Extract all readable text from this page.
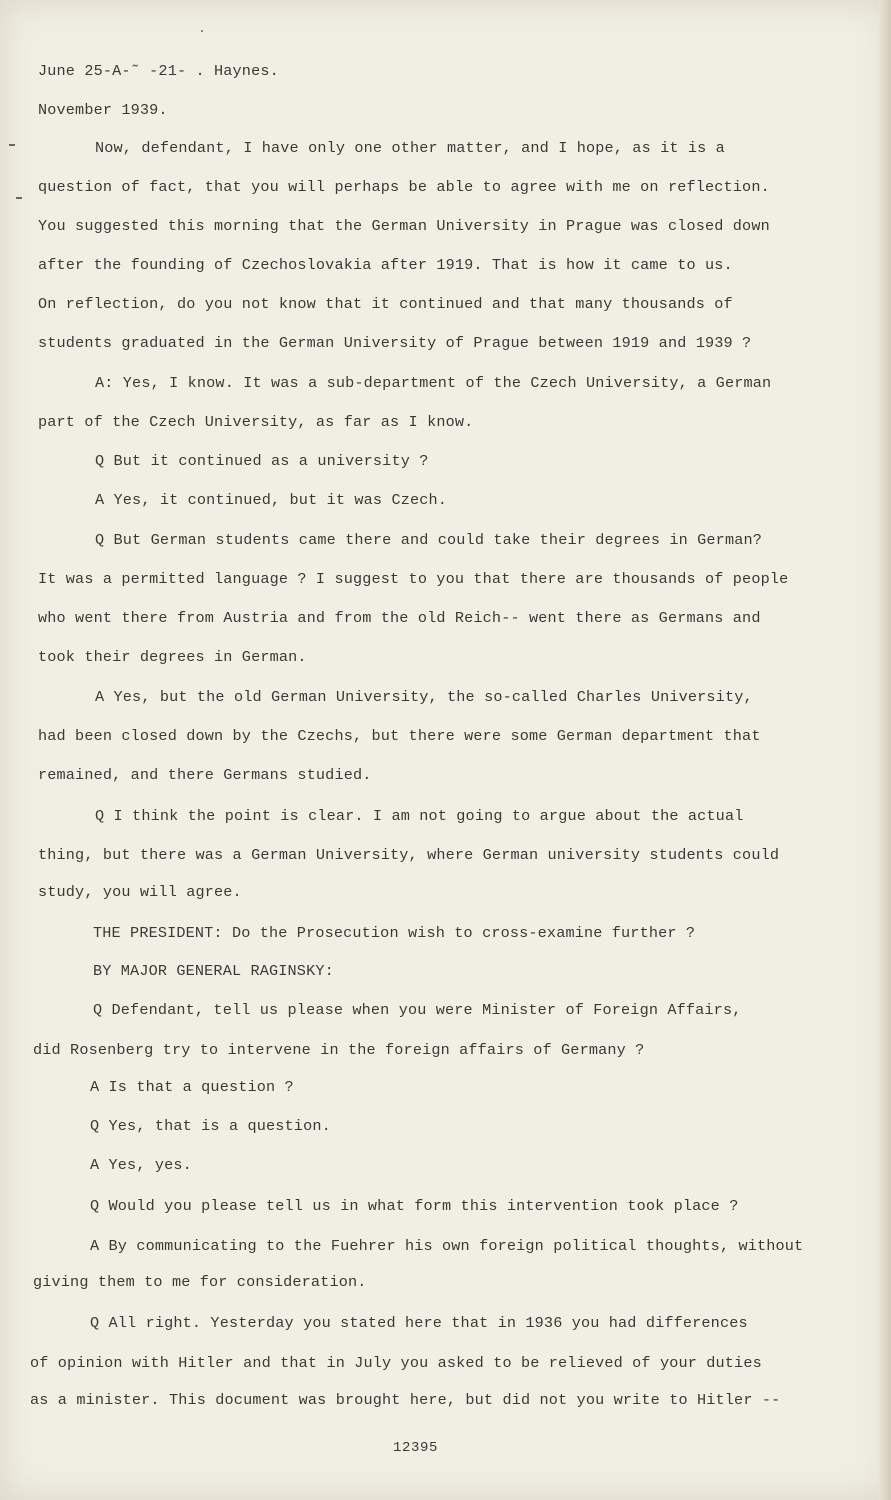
June 25-A-˜ -21- . Haynes.
November 1939.
Now, defendant, I have only one other matter, and I hope, as it is a
question of fact, that you will perhaps be able to agree with me on reflection.
You suggested this morning that the German University in Prague was closed down
after the founding of Czechoslovakia after 1919. That is how it came to us.
On reflection, do you not know that it continued and that many thousands of
students graduated in the German University of Prague between 1919 and 1939 ?
A: Yes, I know. It was a sub-department of the Czech University, a German
part of the Czech University, as far as I know.
Q But it continued as a university ?
A Yes, it continued, but it was Czech.
Q But German students came there and could take their degrees in German?
It was a permitted language ? I suggest to you that there are thousands of people
who went there from Austria and from the old Reich-- went there as Germans and
took their degrees in German.
A Yes, but the old German University, the so-called Charles University,
had been closed down by the Czechs, but there were some German department that
remained, and there Germans studied.
Q I think the point is clear. I am not going to argue about the actual
thing, but there was a German University, where German university students could
study, you will agree.
THE PRESIDENT: Do the Prosecution wish to cross-examine further ?
BY MAJOR GENERAL RAGINSKY:
Q Defendant, tell us please when you were Minister of Foreign Affairs,
did Rosenberg try to intervene in the foreign affairs of Germany ?
A Is that a question ?
Q Yes, that is a question.
A Yes, yes.
Q Would you please tell us in what form this intervention took place ?
A By communicating to the Fuehrer his own foreign political thoughts, without
giving them to me for consideration.
Q All right. Yesterday you stated here that in 1936 you had differences
of opinion with Hitler and that in July you asked to be relieved of your duties
as a minister. This document was brought here, but did not you write to Hitler --
12395
